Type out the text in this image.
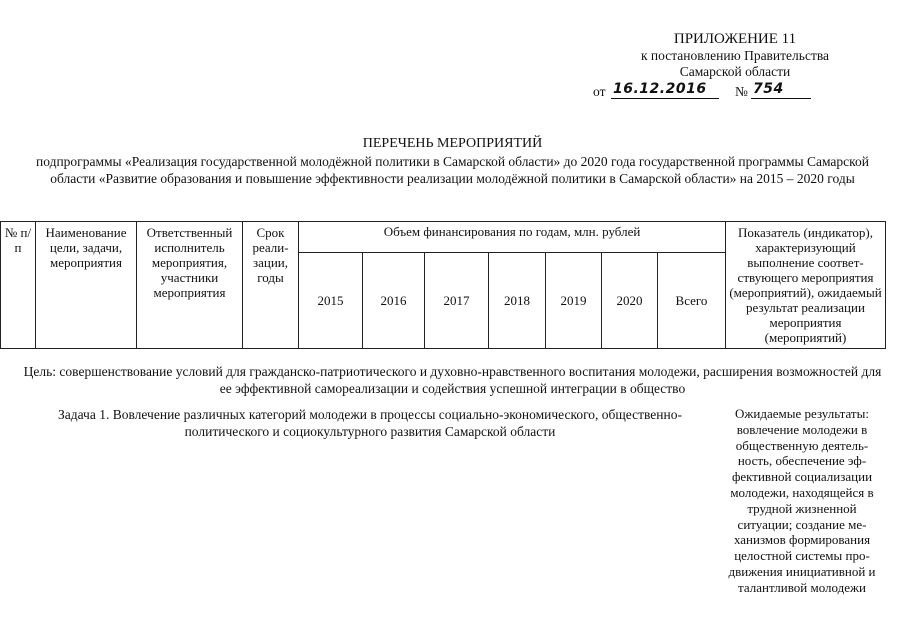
ПРИЛОЖЕНИЕ 11
к постановлению Правительства
Самарской области
от 16.12.2016	№ 754
ПЕРЕЧЕНЬ МЕРОПРИЯТИЙ
подпрограммы «Реализация государственной молодёжной политики в Самарской области» до 2020 года государственной программы Самарской области «Развитие образования и повышение эффективности реализации молодёжной политики в Самарской области» на 2015 – 2020 годы
№ п/п	Наименование цели, задачи, мероприятия	Ответственный исполнитель мероприятия, участники мероприятия	Срок реали-зации, годы	Объем финансирования по годам, млн. рублей							Показатель (индикатор), характеризующий выполнение соответ-ствующего мероприятия (мероприятий), ожидаемый результат реализации мероприятия (мероприятий)
				2015	2016	2017	2018	2019	2020	Всего	
Цель: совершенствование условий для гражданско-патриотического и духовно-нравственного воспитания молодежи, расширения возможностей для ее эффективной самореализации и содействия успешной интеграции в общество
Задача 1. Вовлечение различных категорий молодежи в процессы социально-экономического, общественно-политического и социокультурного развития Самарской области
Ожидаемые результаты: вовлечение молодежи в общественную деятель-ность, обеспечение эф-фективной социализации молодежи, находящейся в трудной жизненной ситуации; создание ме-ханизмов формирования целостной системы про-движения инициативной и талантливой молодежи
